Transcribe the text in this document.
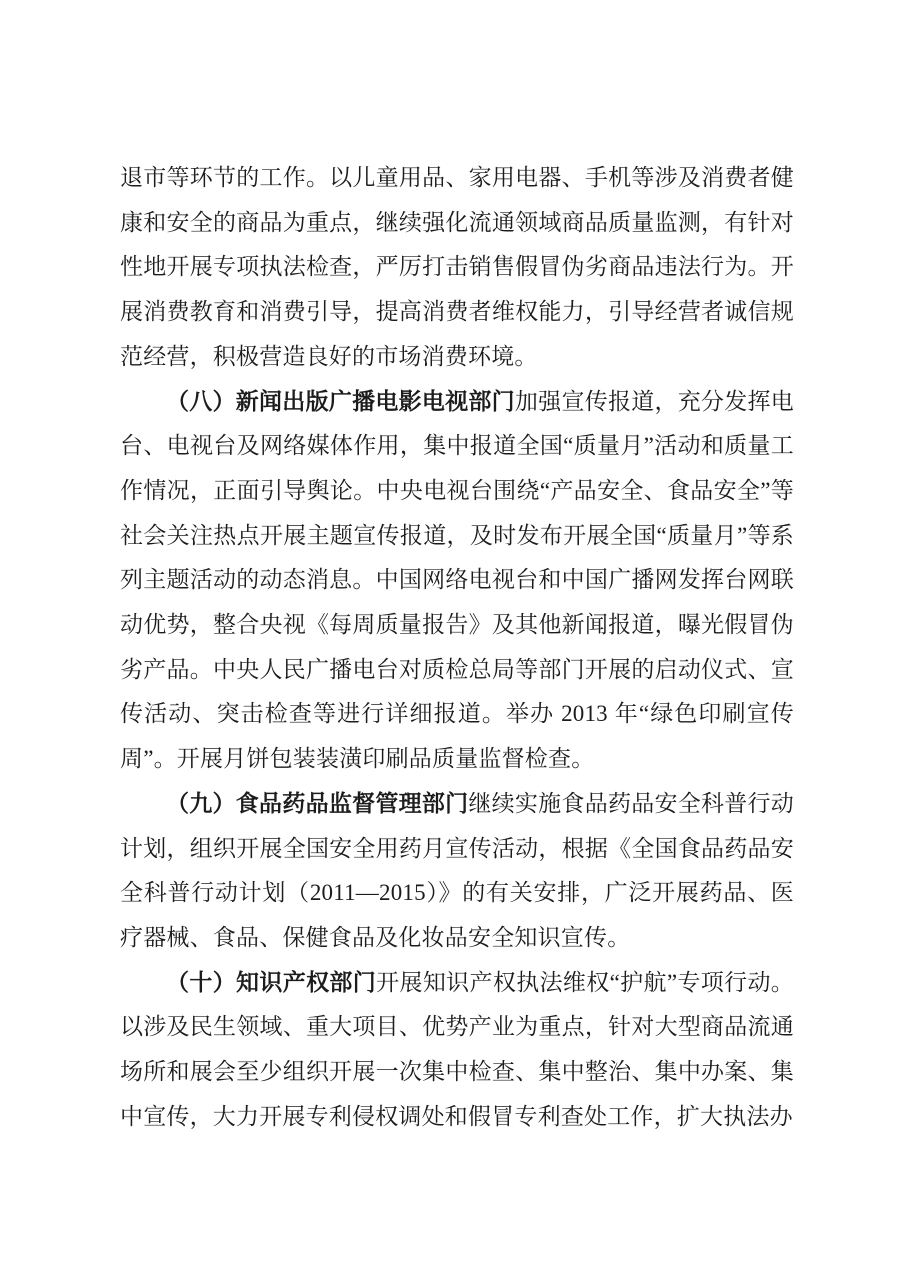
退市等环节的工作。以儿童用品、家用电器、手机等涉及消费者健康和安全的商品为重点，继续强化流通领域商品质量监测，有针对性地开展专项执法检查，严厉打击销售假冒伪劣商品违法行为。开展消费教育和消费引导，提高消费者维权能力，引导经营者诚信规范经营，积极营造良好的市场消费环境。

（八）新闻出版广播电影电视部门加强宣传报道，充分发挥电台、电视台及网络媒体作用，集中报道全国“质量月”活动和质量工作情况，正面引导舆论。中央电视台围绕“产品安全、食品安全”等社会关注热点开展主题宣传报道，及时发布开展全国“质量月”等系列主题活动的动态消息。中国网络电视台和中国广播网发挥台网联动优势，整合央视《每周质量报告》及其他新闻报道，曝光假冒伪劣产品。中央人民广播电台对质检总局等部门开展的启动仪式、宣传活动、突击检查等进行详细报道。举办 2013 年“绿色印刷宣传周”。开展月饼包装装潢印刷品质量监督检查。

（九）食品药品监督管理部门继续实施食品药品安全科普行动计划，组织开展全国安全用药月宣传活动，根据《全国食品药品安全科普行动计划（2011—2015）》的有关安排，广泛开展药品、医疗器械、食品、保健食品及化妆品安全知识宣传。

（十）知识产权部门开展知识产权执法维权“护航”专项行动。以涉及民生领域、重大项目、优势产业为重点，针对大型商品流通场所和展会至少组织开展一次集中检查、集中整治、集中办案、集中宣传，大力开展专利侵权调处和假冒专利查处工作，扩大执法办
